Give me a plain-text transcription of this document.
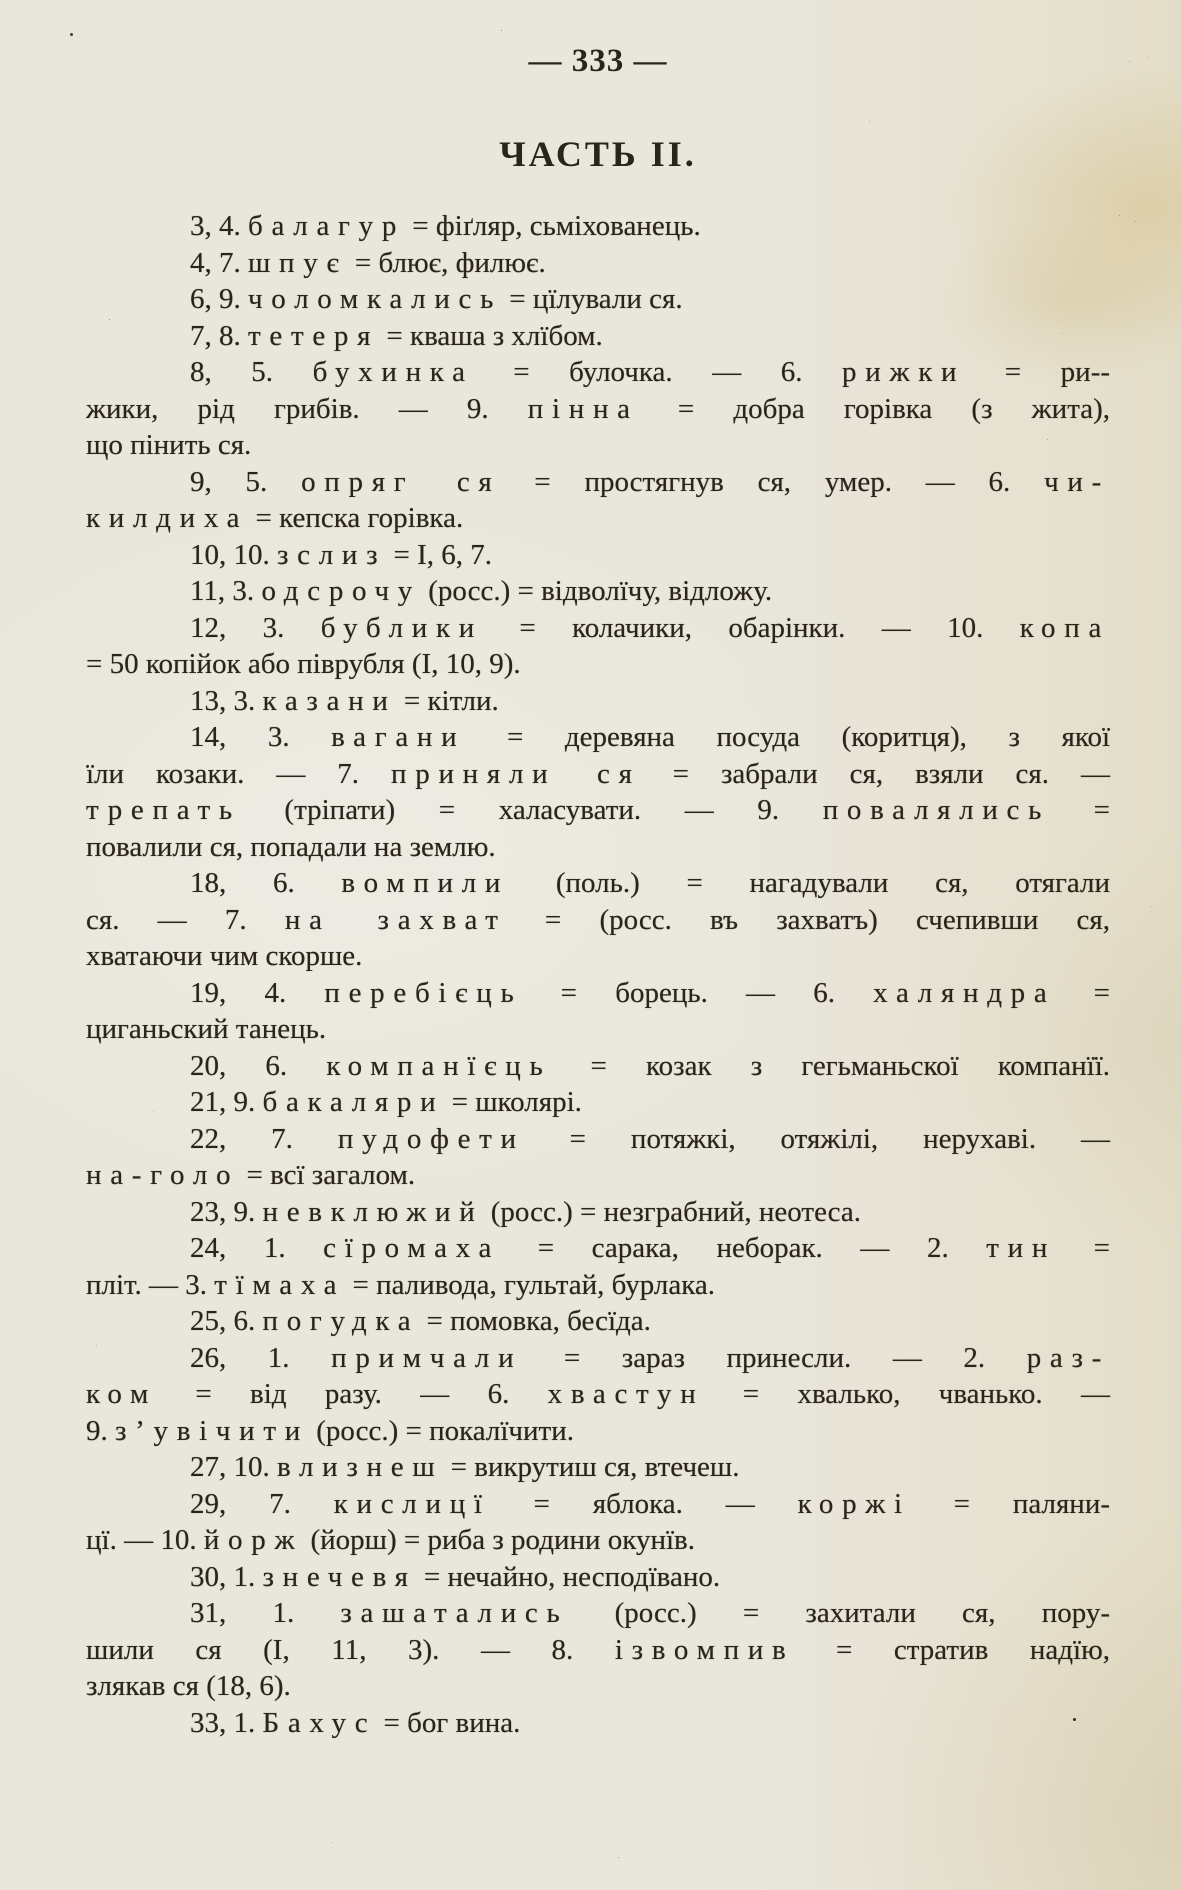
— 333 —
ЧАСТЬ II.
3, 4. балагур = фіґляр, сьміхованець.
4, 7. шпує = блює, филює.
6, 9. чоломкались = цїлували ся.
7, 8. тетеря = кваша з хлїбом.
8, 5. бухинка = булочка. — 6. рижки = ри--
жики, рід грибів. — 9. пінна = добра горівка (з жита),
що пінить ся.
9, 5. опряг ся = простягнув ся, умер. — 6. чи-
килдиха = кепска горівка.
10, 10. зслиз = I, 6, 7.
11, 3. одсрочу (росс.) = відволїчу, відложу.
12, 3. бублики = колачики, обарінки. — 10. копа
= 50 копійок або піврубля (I, 10, 9).
13, 3. казани = кітли.
14, 3. вагани = деревяна посуда (коритця), з якої
їли козаки. — 7. приняли ся = забрали ся, взяли ся. —
трепать (тріпати) = халасувати. — 9. повалялись =
повалили ся, попадали на землю.
18, 6. вомпили (поль.) = нагадували ся, отягали
ся. — 7. на захват = (росс. въ захватъ) счепивши ся,
хватаючи чим скорше.
19, 4. перебієць = борець. — 6. халяндра =
циганьский танець.
20, 6. компанїєць = козак з гегьманьскої компанїї.
21, 9. бакаляри = школярі.
22, 7. пудофети = потяжкі, отяжілі, нерухаві. —
на-голо = всї загалом.
23, 9. невклюжий (росс.) = незграбний, неотеса.
24, 1. сїромаха = сарака, неборак. — 2. тин =
пліт. — 3. тїмаха = паливода, гультай, бурлака.
25, 6. погудка = помовка, бесїда.
26, 1. примчали = зараз принесли. — 2. раз-
ком = від разу. — 6. хвастун = хвалько, чванько. —
9. з’увічити (росс.) = покалїчити.
27, 10. влизнеш = викрутиш ся, втечеш.
29, 7. кислицї = яблока. — коржі = паляни-
цї. — 10. йорж (йорш) = риба з родини окунїв.
30, 1. знечевя = нечайно, несподївано.
31, 1. зашатались (росс.) = захитали ся, пору-
шили ся (I, 11, 3). — 8. ізвомпив = стратив надїю,
злякав ся (18, 6).
33, 1. Бахус = бог вина.
